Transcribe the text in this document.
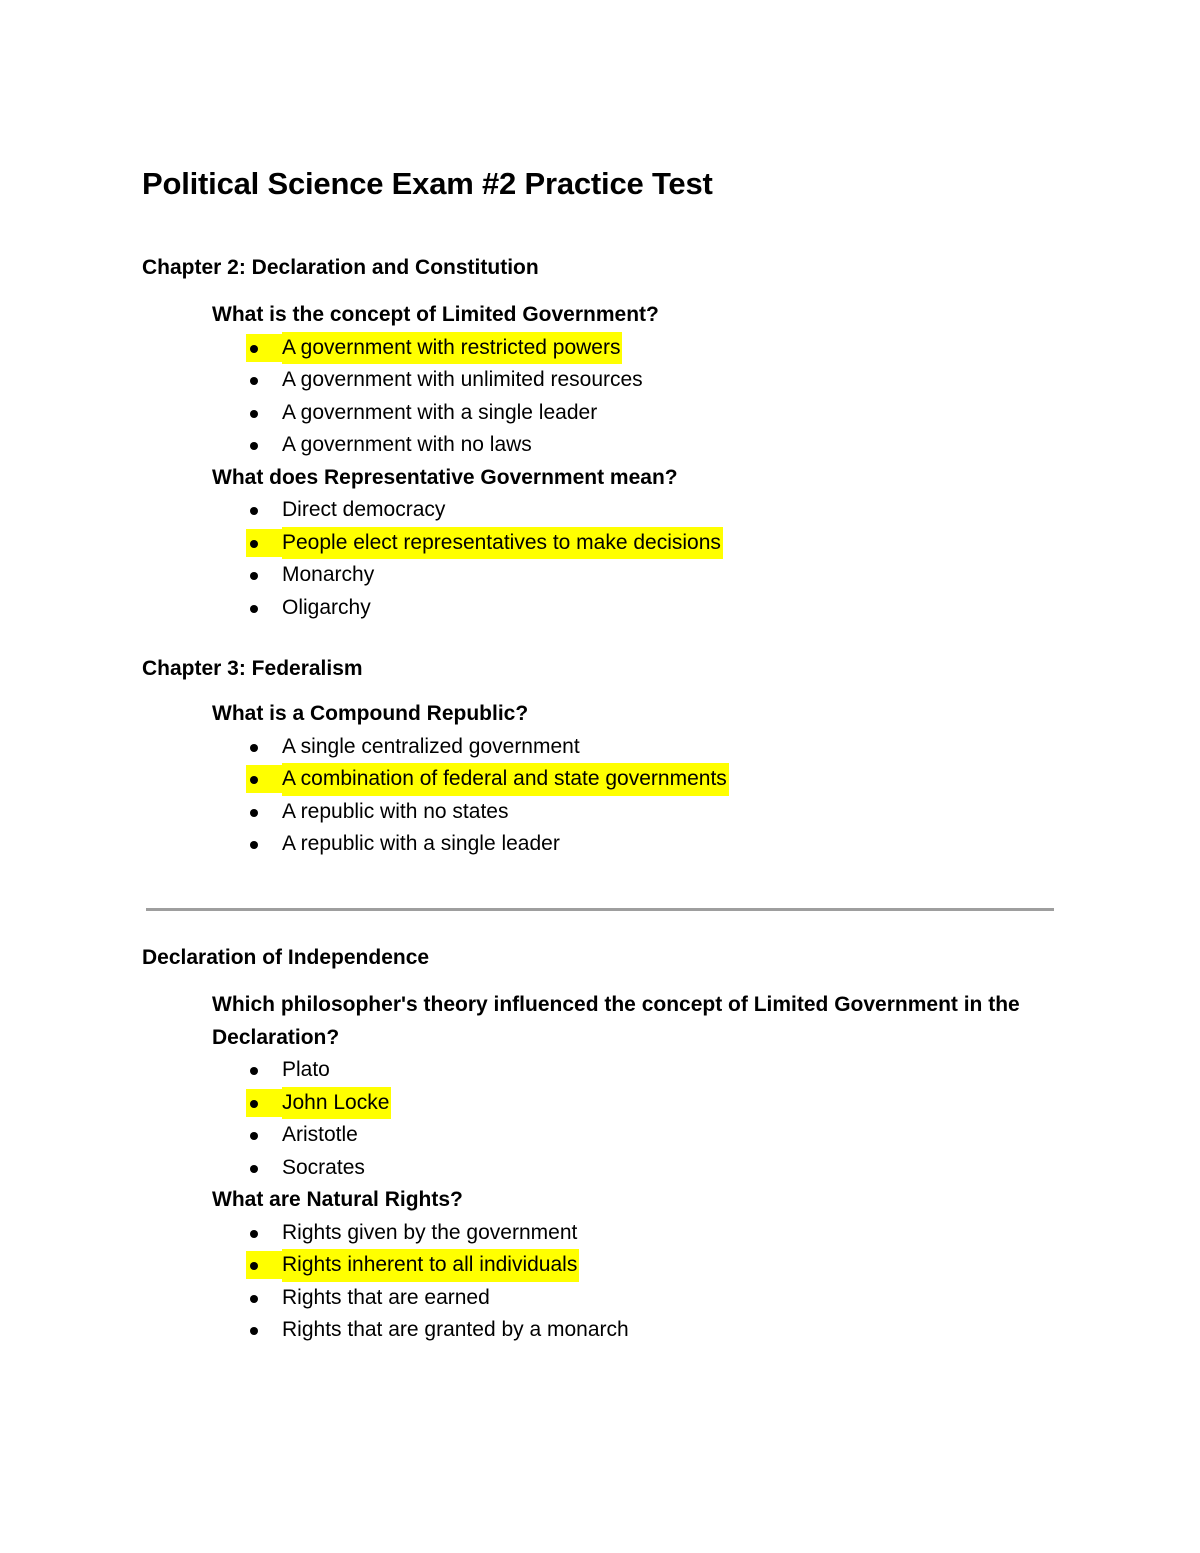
Political Science Exam #2 Practice Test
Chapter 2: Declaration and Constitution
What is the concept of Limited Government?
A government with restricted powers
A government with unlimited resources
A government with a single leader
A government with no laws
What does Representative Government mean?
Direct democracy
People elect representatives to make decisions
Monarchy
Oligarchy
Chapter 3: Federalism
What is a Compound Republic?
A single centralized government
A combination of federal and state governments
A republic with no states
A republic with a single leader
Declaration of Independence
Which philosopher's theory influenced the concept of Limited Government in the Declaration?
Plato
John Locke
Aristotle
Socrates
What are Natural Rights?
Rights given by the government
Rights inherent to all individuals
Rights that are earned
Rights that are granted by a monarch
